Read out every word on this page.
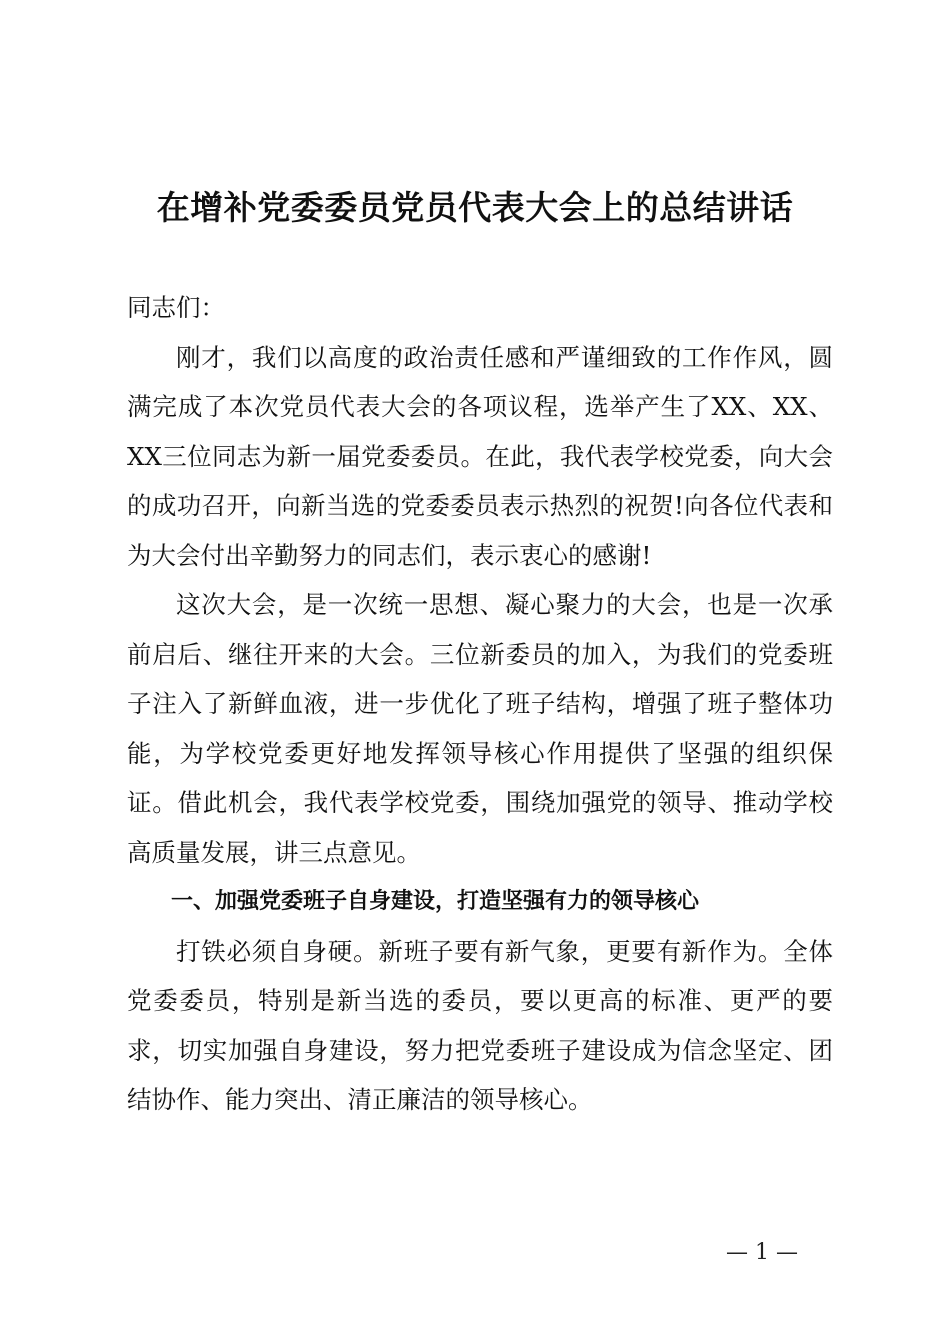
在增补党委委员党员代表大会上的总结讲话

同志们：

刚才，我们以高度的政治责任感和严谨细致的工作作风，圆满完成了本次党员代表大会的各项议程，选举产生了XX、XX、XX三位同志为新一届党委委员。在此，我代表学校党委，向大会的成功召开，向新当选的党委委员表示热烈的祝贺!向各位代表和为大会付出辛勤努力的同志们，表示衷心的感谢!

这次大会，是一次统一思想、凝心聚力的大会，也是一次承前启后、继往开来的大会。三位新委员的加入，为我们的党委班子注入了新鲜血液，进一步优化了班子结构，增强了班子整体功能，为学校党委更好地发挥领导核心作用提供了坚强的组织保证。借此机会，我代表学校党委，围绕加强党的领导、推动学校高质量发展，讲三点意见。

一、加强党委班子自身建设，打造坚强有力的领导核心

打铁必须自身硬。新班子要有新气象，更要有新作为。全体党委委员，特别是新当选的委员，要以更高的标准、更严的要求，切实加强自身建设，努力把党委班子建设成为信念坚定、团结协作、能力突出、清正廉洁的领导核心。

— 1 —
